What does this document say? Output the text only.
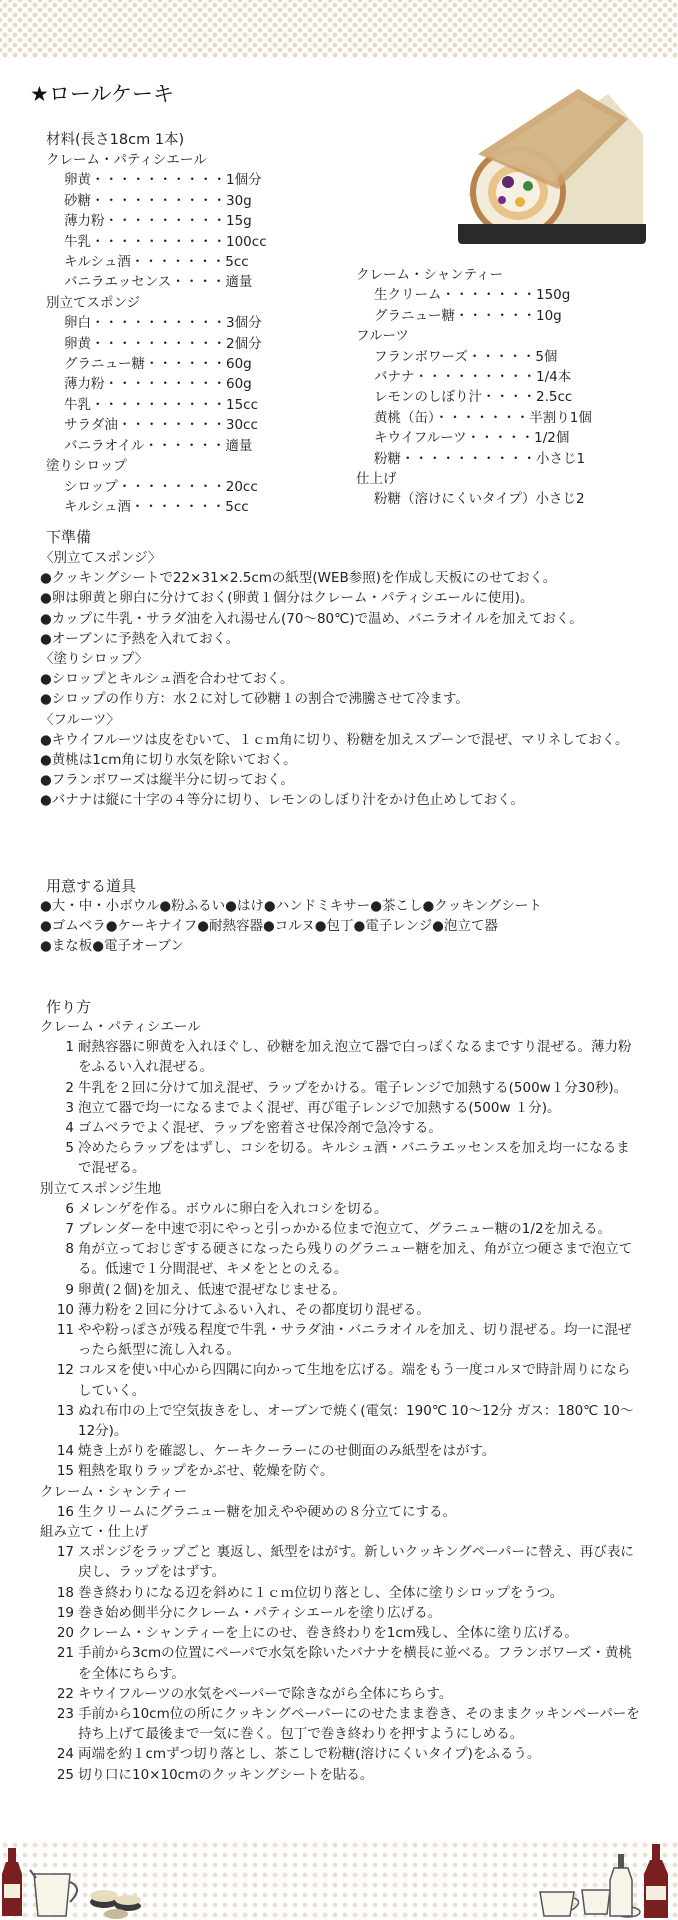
★ロールケーキ
材料(長さ18cm 1本)
クレーム・パティシエール
卵黄・・・・・・・・・・1個分
砂糖・・・・・・・・・・30g
薄力粉・・・・・・・・・15g
牛乳・・・・・・・・・・100cc
キルシュ酒・・・・・・・5cc
バニラエッセンス・・・・適量
別立てスポンジ
卵白・・・・・・・・・・3個分
卵黄・・・・・・・・・・2個分
グラニュー糖・・・・・・60g
薄力粉・・・・・・・・・60g
牛乳・・・・・・・・・・15cc
サラダ油・・・・・・・・30cc
バニラオイル・・・・・・適量
塗りシロップ
シロップ・・・・・・・・20cc
キルシュ酒・・・・・・・5cc
クレーム・シャンティー
生クリーム・・・・・・・150g
グラニュー糖・・・・・・10g
フルーツ
フランボワーズ・・・・・5個
バナナ・・・・・・・・・1/4本
レモンのしぼり汁・・・・2.5cc
黄桃（缶）・・・・・・・半割り1個
キウイフルーツ・・・・・1/2個
粉糖・・・・・・・・・・小さじ1
仕上げ
粉糖（溶けにくいタイプ）小さじ2
下準備
〈別立てスポンジ〉
●クッキングシートで22×31×2.5cmの紙型(WEB参照)を作成し天板にのせておく。
●卵は卵黄と卵白に分けておく(卵黄１個分はクレーム・パティシエールに使用)。
●カップに牛乳・サラダ油を入れ湯せん(70～80℃)で温め、バニラオイルを加えておく。
●オーブンに予熱を入れておく。
〈塗りシロップ〉
●シロップとキルシュ酒を合わせておく。
●シロップの作り方：水２に対して砂糖１の割合で沸騰させて冷ます。
〈フルーツ〉
●キウイフルーツは皮をむいて、１ｃｍ角に切り、粉糖を加えスプーンで混ぜ、マリネしておく。
●黄桃は1cm角に切り水気を除いておく。
●フランボワーズは縦半分に切っておく。
●バナナは縦に十字の４等分に切り、レモンのしぼり汁をかけ色止めしておく。
用意する道具
●大・中・小ボウル●粉ふるい●はけ●ハンドミキサー●茶こし●クッキングシート
●ゴムベラ●ケーキナイフ●耐熱容器●コルヌ●包丁●電子レンジ●泡立て器
●まな板●電子オーブン
作り方
クレーム・パティシエール
1 耐熱容器に卵黄を入れほぐし、砂糖を加え泡立て器で白っぽくなるまですり混ぜる。薄力粉をふるい入れ混ぜる。
2 牛乳を２回に分けて加え混ぜ、ラップをかける。電子レンジで加熱する(500w１分30秒)。
3 泡立て器で均一になるまでよく混ぜ、再び電子レンジで加熱する(500w １分)。
4 ゴムベラでよく混ぜ、ラップを密着させ保冷剤で急冷する。
5 冷めたらラップをはずし、コシを切る。キルシュ酒・バニラエッセンスを加え均一になるまで混ぜる。
別立てスポンジ生地
6 メレンゲを作る。ボウルに卵白を入れコシを切る。
7 ブレンダーを中速で羽にやっと引っかかる位まで泡立て、グラニュー糖の1/2を加える。
8 角が立っておじぎする硬さになったら残りのグラニュー糖を加え、角が立つ硬さまで泡立てる。低速で１分間混ぜ、キメをととのえる。
9 卵黄(２個)を加え、低速で混ぜなじませる。
10 薄力粉を２回に分けてふるい入れ、その都度切り混ぜる。
11 やや粉っぽさが残る程度で牛乳・サラダ油・バニラオイルを加え、切り混ぜる。均一に混ぜったら紙型に流し入れる。
12 コルヌを使い中心から四隅に向かって生地を広げる。端をもう一度コルヌで時計周りにならしていく。
13 ぬれ布巾の上で空気抜きをし、オーブンで焼く(電気：190℃ 10～12分 ガス：180℃ 10～12分)。
14 焼き上がりを確認し、ケーキクーラーにのせ側面のみ紙型をはがす。
15 粗熱を取りラップをかぶせ、乾燥を防ぐ。
クレーム・シャンティー
16 生クリームにグラニュー糖を加えやや硬めの８分立てにする。
組み立て・仕上げ
17 スポンジをラップごと 裏返し、紙型をはがす。新しいクッキングペーパーに替え、再び表に戻し、ラップをはずす。
18 巻き終わりになる辺を斜めに１ｃｍ位切り落とし、全体に塗りシロップをうつ。
19 巻き始め側半分にクレーム・パティシエールを塗り広げる。
20 クレーム・シャンティーを上にのせ、巻き終わりを1cm残し、全体に塗り広げる。
21 手前から3cmの位置にペーパで水気を除いたバナナを横長に並べる。フランボワーズ・黄桃を全体にちらす。
22 キウイフルーツの水気をペーパーで除きながら全体にちらす。
23 手前から10cm位の所にクッキングペーパーにのせたまま巻き、そのままクッキンペーパーを持ち上げて最後まで一気に巻く。包丁で巻き終わりを押すようにしめる。
24 両端を約１cmずつ切り落とし、茶こしで粉糖(溶けにくいタイプ)をふるう。
25 切り口に10×10cmのクッキングシートを貼る。
